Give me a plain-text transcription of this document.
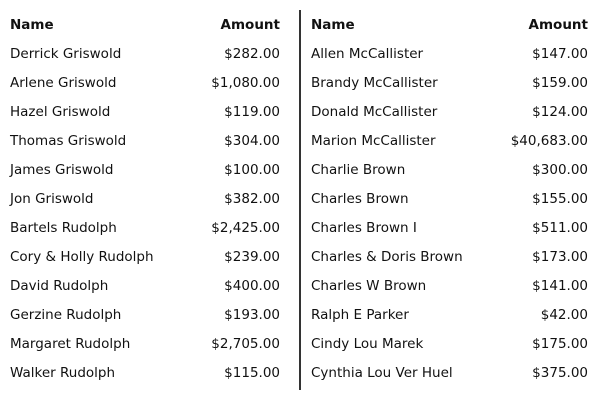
Name	Amount
Derrick Griswold	$282.00
Arlene Griswold	$1,080.00
Hazel Griswold	$119.00
Thomas Griswold	$304.00
James Griswold	$100.00
Jon Griswold	$382.00
Bartels Rudolph	$2,425.00
Cory & Holly Rudolph	$239.00
David Rudolph	$400.00
Gerzine Rudolph	$193.00
Margaret Rudolph	$2,705.00
Walker Rudolph	$115.00
Name	Amount
Allen McCallister	$147.00
Brandy McCallister	$159.00
Donald McCallister	$124.00
Marion McCallister	$40,683.00
Charlie Brown	$300.00
Charles Brown	$155.00
Charles Brown I	$511.00
Charles & Doris Brown	$173.00
Charles W Brown	$141.00
Ralph E Parker	$42.00
Cindy Lou Marek	$175.00
Cynthia Lou Ver Huel	$375.00
